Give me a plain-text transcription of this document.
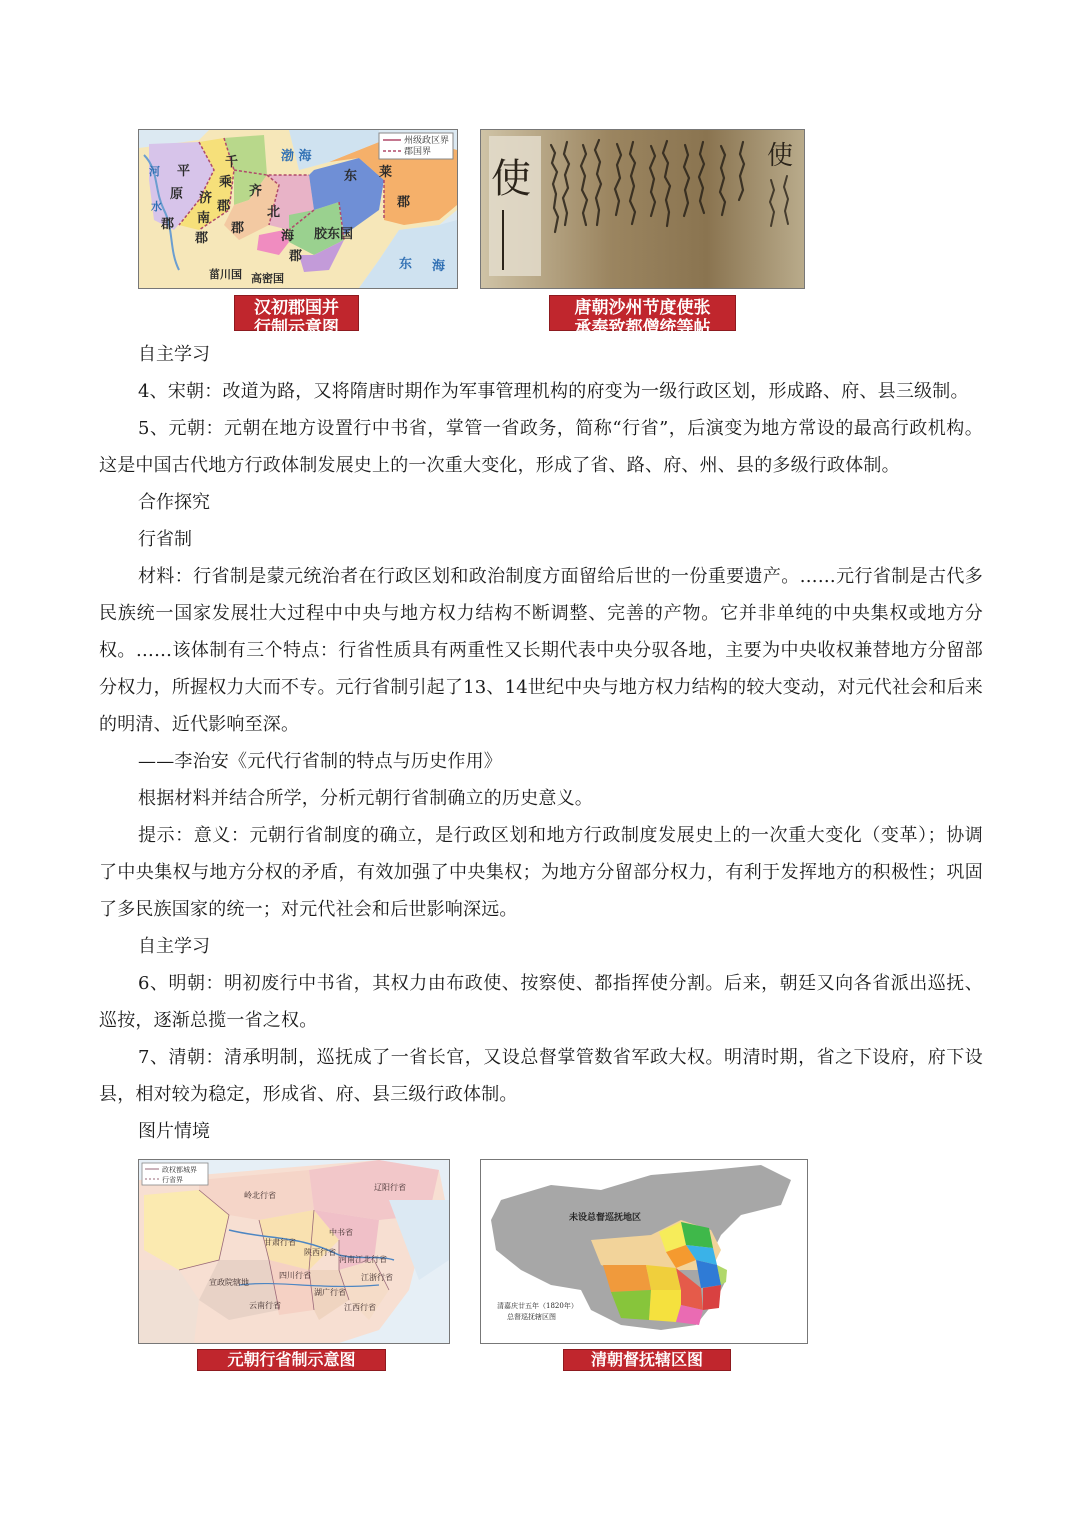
州级政区界
郡国界
平
原
郡
千
乘
郡
济
南
郡
齐
郡
北
海
郡
胶东国
东 莱
郡
菑川国 高密国
渤 海
东 海
河
水
汉初郡国并
行制示意图
使	使
唐朝沙州节度使张
承奉致都僧统等帖
自主学习

4、宋朝：改道为路，又将隋唐时期作为军事管理机构的府变为一级行政区划，形成路、府、县三级制。

5、元朝：元朝在地方设置行中书省，掌管一省政务，简称“行省”，后演变为地方常设的最高行政机构。这是中国古代地方行政体制发展史上的一次重大变化，形成了省、路、府、州、县的多级行政体制。

合作探究
行省制

材料：行省制是蒙元统治者在行政区划和政治制度方面留给后世的一份重要遗产。……元行省制是古代多民族统一国家发展壮大过程中中央与地方权力结构不断调整、完善的产物。它并非单纯的中央集权或地方分权。……该体制有三个特点：行省性质具有两重性又长期代表中央分驭各地，主要为中央收权兼替地方分留部分权力，所握权力大而不专。元行省制引起了13、14世纪中央与地方权力结构的较大变动，对元代社会和后来的明清、近代影响至深。

——李治安《元代行省制的特点与历史作用》

根据材料并结合所学，分析元朝行省制确立的历史意义。

提示：意义：元朝行省制度的确立，是行政区划和地方行政制度发展史上的一次重大变化（变革）；协调了中央集权与地方分权的矛盾，有效加强了中央集权；为地方分留部分权力，有利于发挥地方的积极性；巩固了多民族国家的统一；对元代社会和后世影响深远。

自主学习

6、明朝：明初废行中书省，其权力由布政使、按察使、都指挥使分割。后来，朝廷又向各省派出巡抚、巡按，逐渐总揽一省之权。

7、清朝：清承明制，巡抚成了一省长官，又设总督掌管数省军政大权。明清时期，省之下设府，府下设县，相对较为稳定，形成省、府、县三级行政体制。

图片情境
政权都城界
行省界
岭北行省
辽阳行省
中书省
甘肃行省
陕西行省
河南江北行省
四川行省
云南行省
湖广行省
江浙行省
江西行省
宣政院辖地
元朝行省制示意图
未设总督巡抚地区
清嘉庆廿五年（1820年）
总督巡抚辖区图
清朝督抚辖区图
